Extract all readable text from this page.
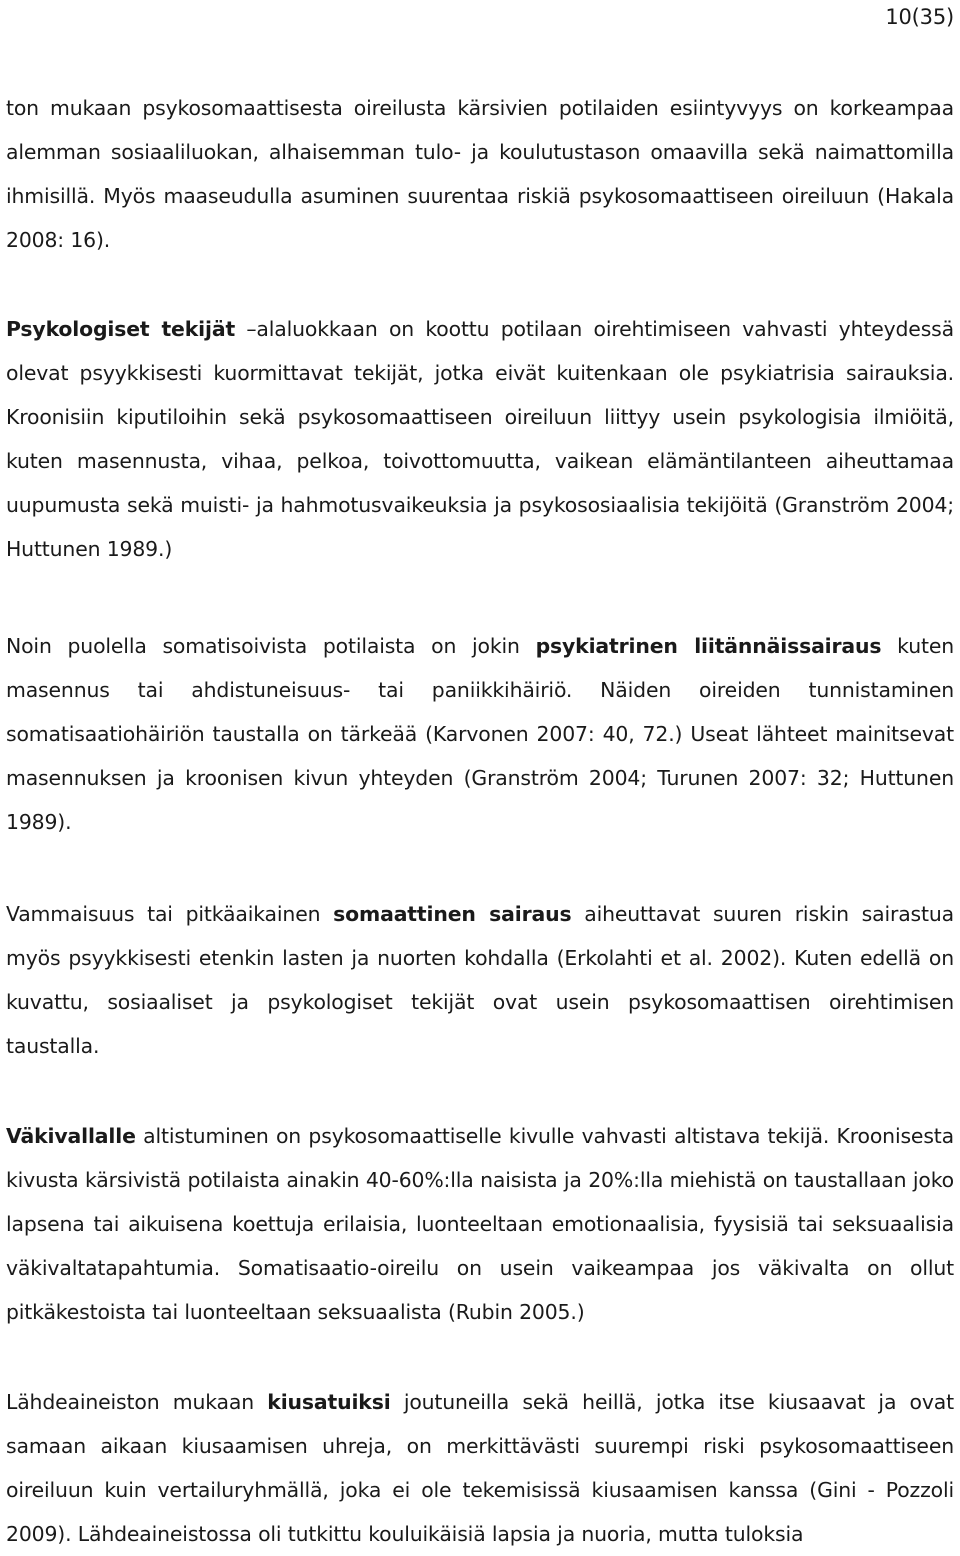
10(35)

ton mukaan psykosomaattisesta oireilusta kärsivien potilaiden esiintyvyys on korkeampaa alemman sosiaaliluokan, alhaisemman tulo- ja koulutustason omaavilla sekä naimattomilla ihmisillä. Myös maaseudulla asuminen suurentaa riskiä psykosomaattiseen oireiluun (Hakala 2008: 16).

Psykologiset tekijät –alaluokkaan on koottu potilaan oirehtimiseen vahvasti yhteydessä olevat psyykkisesti kuormittavat tekijät, jotka eivät kuitenkaan ole psykiatrisia sairauksia. Kroonisiin kiputiloihin sekä psykosomaattiseen oireiluun liittyy usein psykologisia ilmiöitä, kuten masennusta, vihaa, pelkoa, toivottomuutta, vaikean elämäntilanteen aiheuttamaa uupumusta sekä muisti- ja hahmotusvaikeuksia ja psykososiaalisia tekijöitä (Granström 2004; Huttunen 1989.)

Noin puolella somatisoivista potilaista on jokin psykiatrinen liitännäissairaus kuten masennus tai ahdistuneisuus- tai paniikkihäiriö. Näiden oireiden tunnistaminen somatisaatiohäiriön taustalla on tärkeää (Karvonen 2007: 40, 72.) Useat lähteet mainitsevat masennuksen ja kroonisen kivun yhteyden (Granström 2004; Turunen 2007: 32; Huttunen 1989).

Vammaisuus tai pitkäaikainen somaattinen sairaus aiheuttavat suuren riskin sairastua myös psyykkisesti etenkin lasten ja nuorten kohdalla (Erkolahti et al. 2002). Kuten edellä on kuvattu, sosiaaliset ja psykologiset tekijät ovat usein psykosomaattisen oirehtimisen taustalla.

Väkivallalle altistuminen on psykosomaattiselle kivulle vahvasti altistava tekijä. Kroonisesta kivusta kärsivistä potilaista ainakin 40-60%:lla naisista ja 20%:lla miehistä on taustallaan joko lapsena tai aikuisena koettuja erilaisia, luonteeltaan emotionaalisia, fyysisiä tai seksuaalisia väkivaltatapahtumia. Somatisaatio-oireilu on usein vaikeampaa jos väkivalta on ollut pitkäkestoista tai luonteeltaan seksuaalista (Rubin 2005.)

Lähdeaineiston mukaan kiusatuiksi joutuneilla sekä heillä, jotka itse kiusaavat ja ovat samaan aikaan kiusaamisen uhreja, on merkittävästi suurempi riski psykosomaattiseen oireiluun kuin vertailuryhmällä, joka ei ole tekemisissä kiusaamisen kanssa (Gini - Pozzoli 2009). Lähdeaineistossa oli tutkittu kouluikäisiä lapsia ja nuoria, mutta tuloksia
